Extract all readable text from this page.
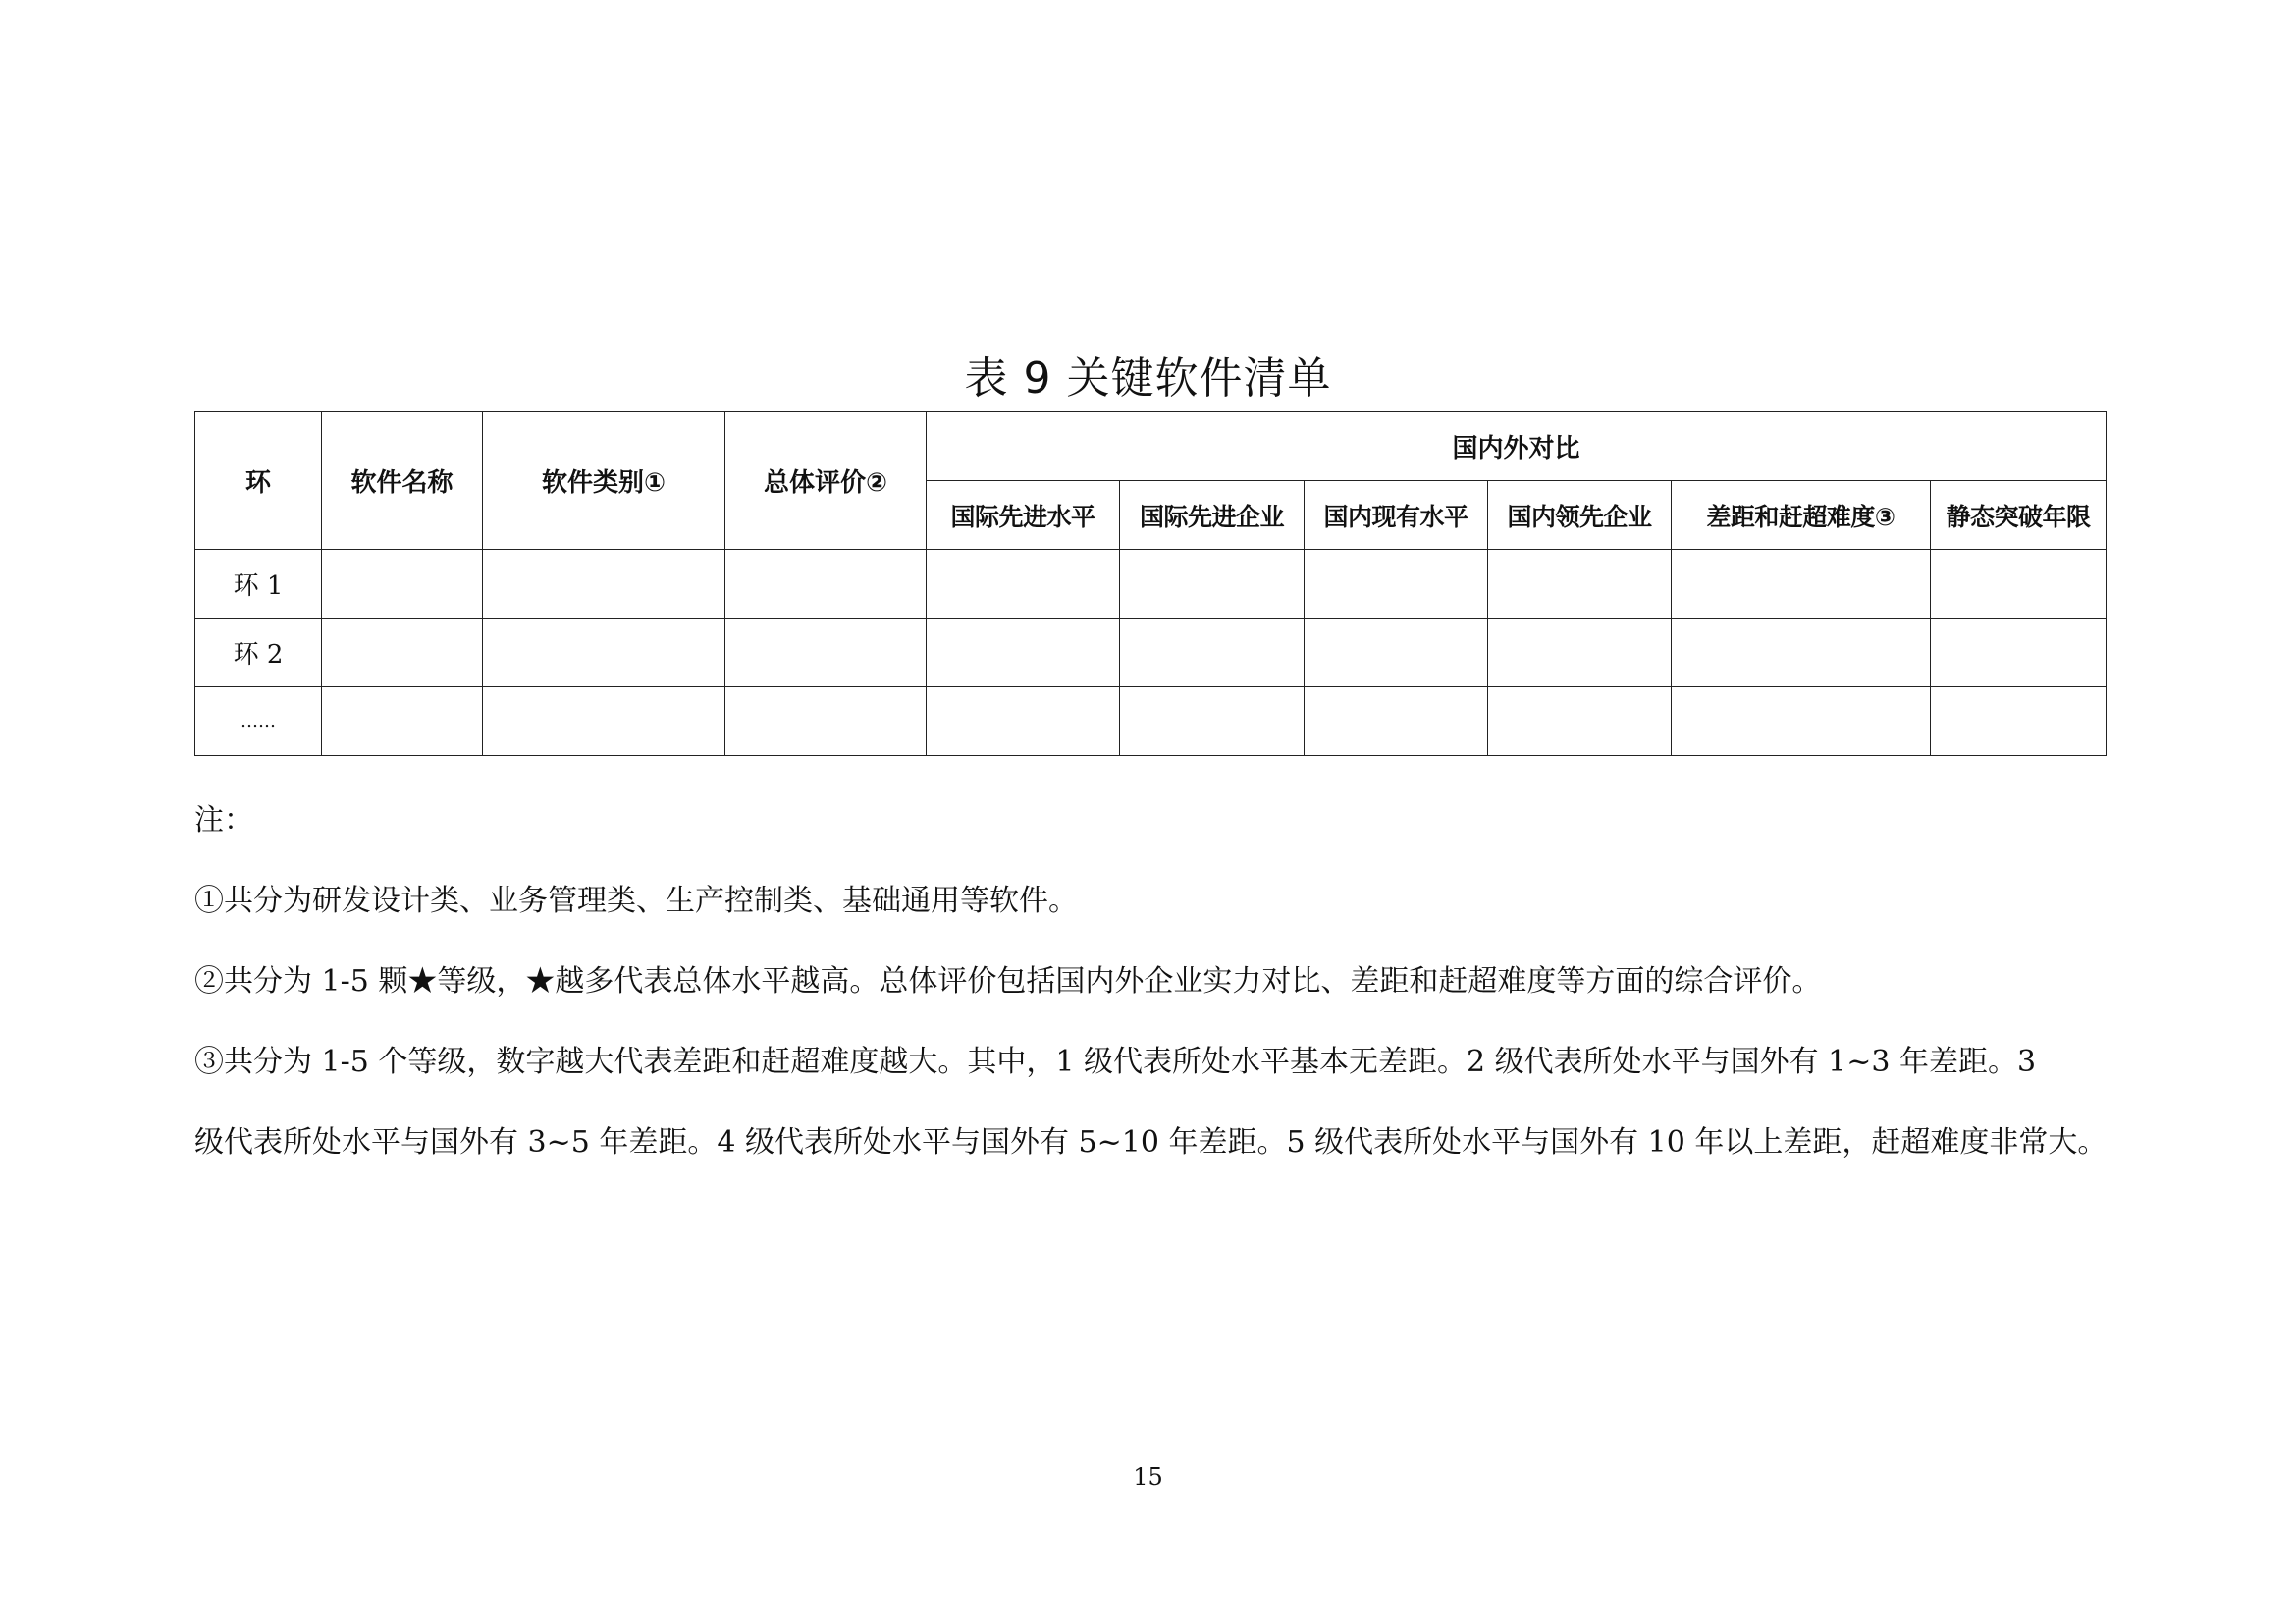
表 9 关键软件清单
环	软件名称	软件类别①	总体评价②	国内外对比					
				国际先进水平	国际先进企业	国内现有水平	国内领先企业	差距和赶超难度③	静态突破年限
环 1									
环 2									
……									
注：
①共分为研发设计类、业务管理类、生产控制类、基础通用等软件。
②共分为 1-5 颗★等级，★越多代表总体水平越高。总体评价包括国内外企业实力对比、差距和赶超难度等方面的综合评价。
③共分为 1-5 个等级，数字越大代表差距和赶超难度越大。其中，1 级代表所处水平基本无差距。2 级代表所处水平与国外有 1~3 年差距。3
级代表所处水平与国外有 3~5 年差距。4 级代表所处水平与国外有 5~10 年差距。5 级代表所处水平与国外有 10 年以上差距，赶超难度非常大。
15
